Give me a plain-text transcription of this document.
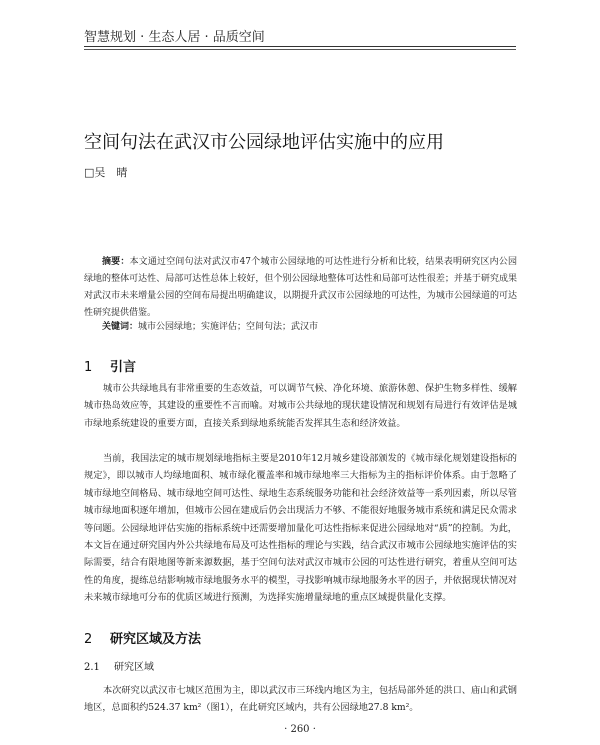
智慧规划 · 生态人居 · 品质空间
空间句法在武汉市公园绿地评估实施中的应用
□吴　晴
摘要：本文通过空间句法对武汉市47个城市公园绿地的可达性进行分析和比较，结果表明研究区内公园绿地的整体可达性、局部可达性总体上较好，但个别公园绿地整体可达性和局部可达性很差；并基于研究成果对武汉市未来增量公园的空间布局提出明确建议，以期提升武汉市公园绿地的可达性，为城市公园绿道的可达性研究提供借鉴。
关键词：城市公园绿地；实施评估；空间句法；武汉市
1 引言
城市公共绿地具有非常重要的生态效益，可以调节气候、净化环境、旅游休憩、保护生物多样性、缓解城市热岛效应等，其建设的重要性不言而喻。对城市公共绿地的现状建设情况和规划有局进行有效评估是城市绿地系统建设的重要方面，直接关系到绿地系统能否发挥其生态和经济效益。
当前，我国法定的城市规划绿地指标主要是2010年12月城乡建设部颁发的《城市绿化规划建设指标的规定》，即以城市人均绿地面积、城市绿化覆盖率和城市绿地率三大指标为主的指标评价体系。由于忽略了城市绿地空间格局、城市绿地空间可达性、绿地生态系统服务功能和社会经济效益等一系列因素，所以尽管城市绿地面积逐年增加，但城市公园在建成后仍会出现活力不够、不能很好地服务城市系统和满足民众需求等问题。公园绿地评估实施的指标系统中还需要增加量化可达性指标来促进公园绿地对“质”的控制。为此，本文旨在通过研究国内外公共绿地布局及可达性指标的理论与实践，结合武汉市城市公园绿地实施评估的实际需要，结合有限地图等新来源数据，基于空间句法对武汉市城市公园的可达性进行研究，着重从空间可达性的角度，提练总结影响城市绿地服务水平的模型，寻找影响城市绿地服务水平的因子，并依据现状情况对未来城市绿地可分布的优质区域进行预测，为选择实施增量绿地的重点区域提供量化支撑。
2 研究区域及方法
2.1 研究区域
本次研究以武汉市七城区范围为主，即以武汉市三环线内地区为主，包括局部外延的洪口、庙山和武钢地区，总面积约524.37 km²（图1），在此研究区域内，共有公园绿地27.8 km²。
· 260 ·
